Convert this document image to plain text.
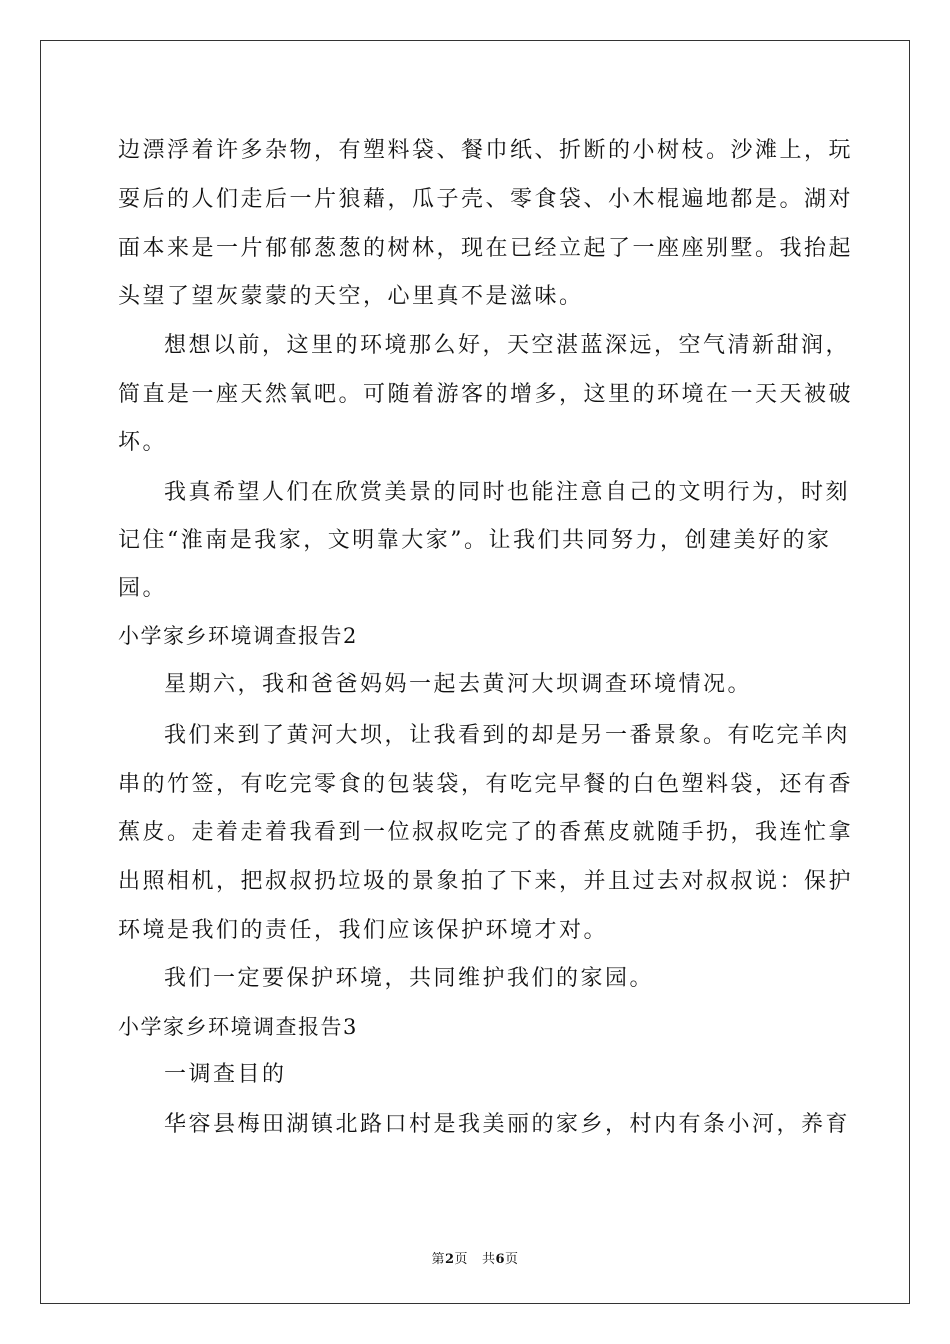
边漂浮着许多杂物，有塑料袋、餐巾纸、折断的小树枝。沙滩上，玩
耍后的人们走后一片狼藉，瓜子壳、零食袋、小木棍遍地都是。湖对
面本来是一片郁郁葱葱的树林，现在已经立起了一座座别墅。我抬起
头望了望灰蒙蒙的天空，心里真不是滋味。
想想以前，这里的环境那么好，天空湛蓝深远，空气清新甜润，
简直是一座天然氧吧。可随着游客的增多，这里的环境在一天天被破
坏。
我真希望人们在欣赏美景的同时也能注意自己的文明行为，时刻
记住“淮南是我家，文明靠大家”。让我们共同努力，创建美好的家
园。
小学家乡环境调查报告2
星期六，我和爸爸妈妈一起去黄河大坝调查环境情况。
我们来到了黄河大坝，让我看到的却是另一番景象。有吃完羊肉
串的竹签，有吃完零食的包装袋，有吃完早餐的白色塑料袋，还有香
蕉皮。走着走着我看到一位叔叔吃完了的香蕉皮就随手扔，我连忙拿
出照相机，把叔叔扔垃圾的景象拍了下来，并且过去对叔叔说：保护
环境是我们的责任，我们应该保护环境才对。
我们一定要保护环境，共同维护我们的家园。
小学家乡环境调查报告3
一调查目的
华容县梅田湖镇北路口村是我美丽的家乡，村内有条小河，养育
第2页   共6页
